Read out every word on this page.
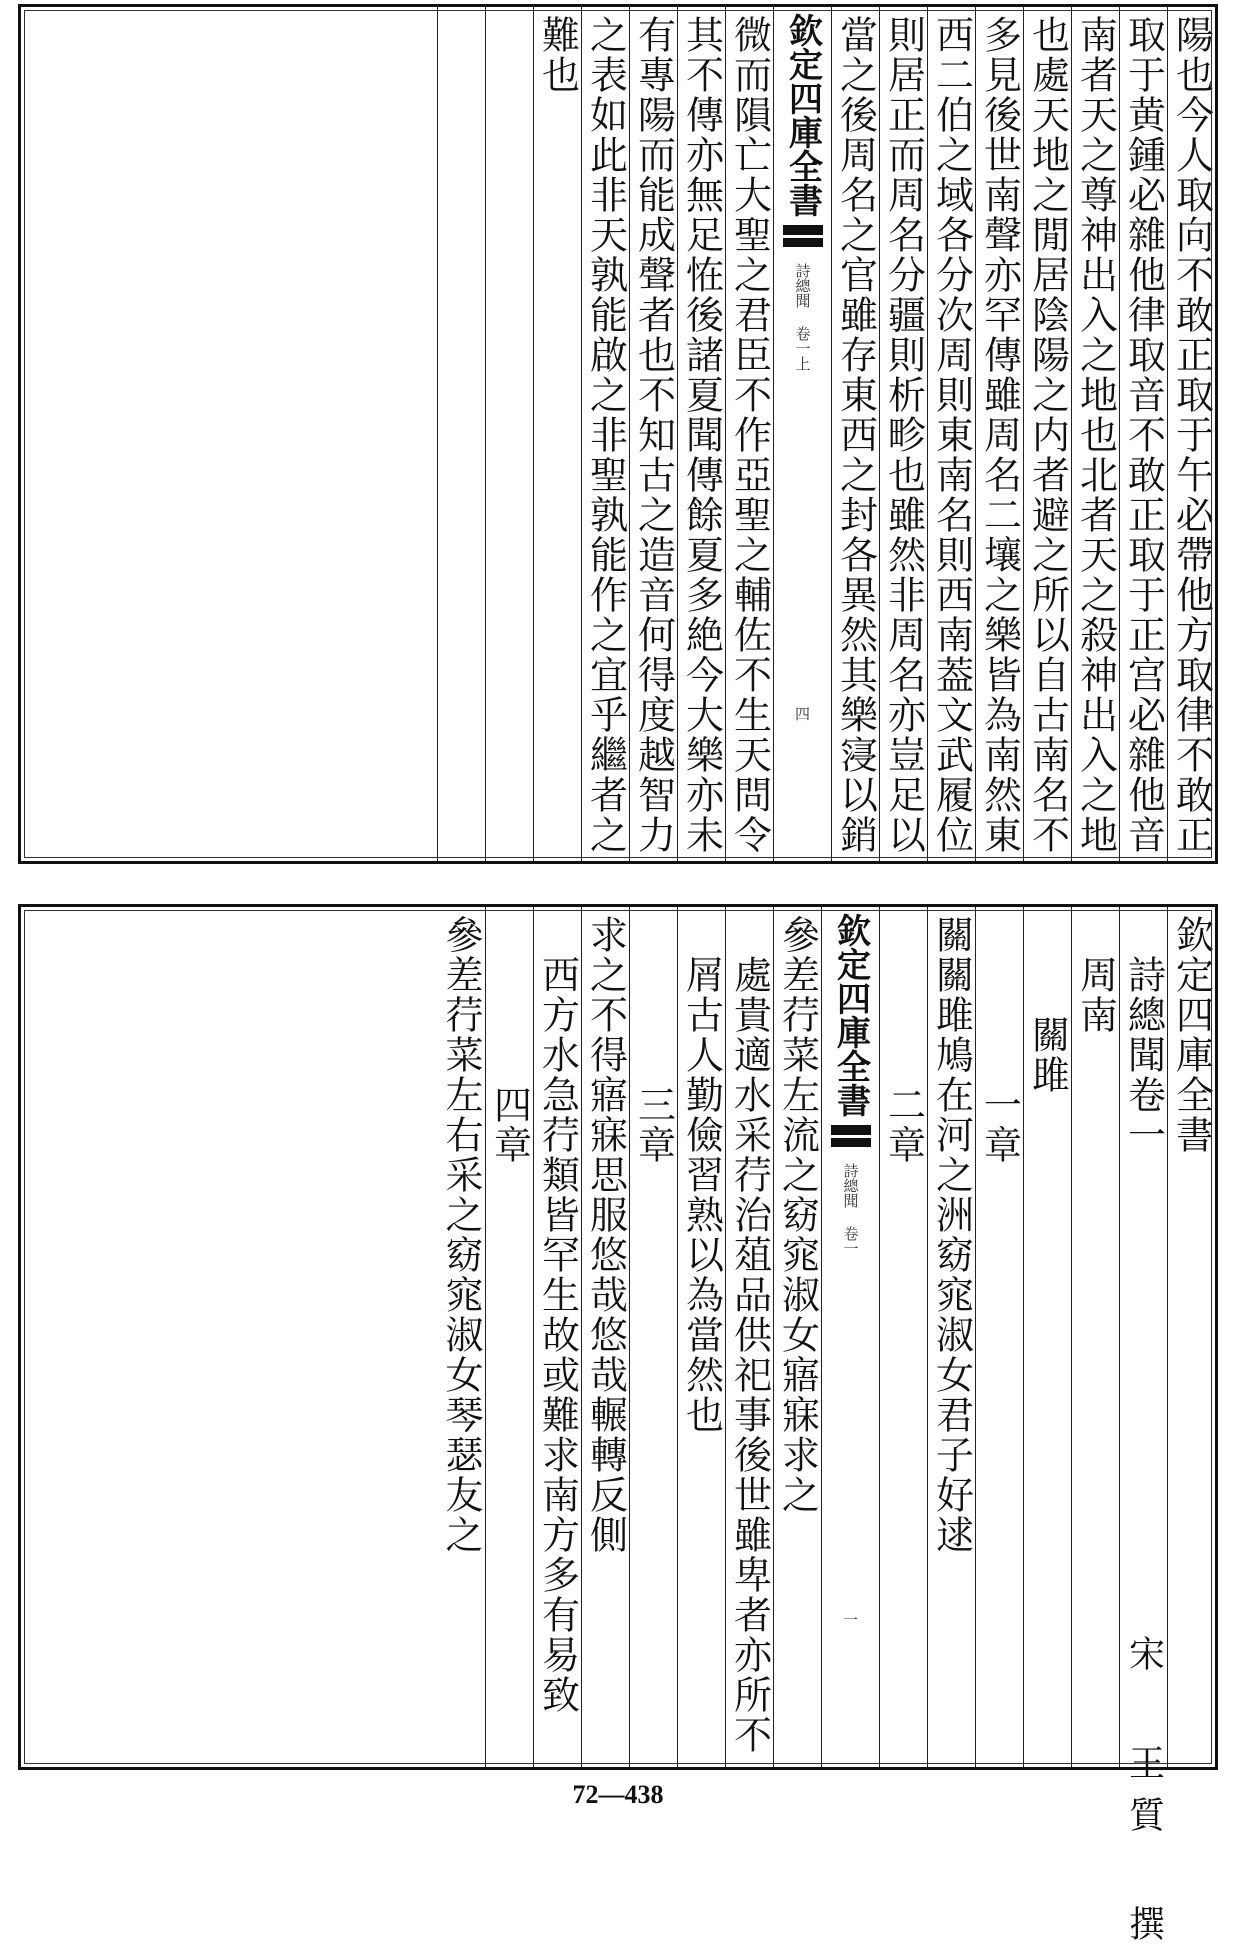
陽也今人取向不敢正取于午必帶他方取律不敢正
取于黄鍾必雜他律取音不敢正取于正宫必雜他音
南者天之尊神出入之地也北者天之殺神出入之地
也處天地之閒居陰陽之内者避之所以自古南名不
多見後世南聲亦罕傳雖周名二壤之樂皆為南然東
西二伯之域各分次周則東南名則西南葢文武履位
則居正而周名分疆則析畛也雖然非周名亦豈足以
當之後周名之官雖存東西之封各異然其樂寖以銷
欽定四庫全書
詩總聞 卷一上
四
微而隕亡大聖之君臣不作亞聖之輔佐不生天問令
其不傳亦無足恠後諸夏聞傳餘夏多絶今大樂亦未
有專陽而能成聲者也不知古之造音何得度越智力
之表如此非天孰能啟之非聖孰能作之宜乎繼者之
難也
欽定四庫全書
詩總聞卷一
宋 王質 撰
周南
關雎
一章
關關雎鳩在河之洲窈窕淑女君子好逑
二章
欽定四庫全書
詩總聞 卷一
一
參差荇菜左流之窈窕淑女寤寐求之
處貴適水采荇治葅品供祀事後世雖卑者亦所不
屑古人勤儉習熟以為當然也
三章
求之不得寤寐思服悠哉悠哉輾轉反側
西方水急荇類皆罕生故或難求南方多有易致
四章
參差荇菜左右采之窈窕淑女琴瑟友之
72—438
